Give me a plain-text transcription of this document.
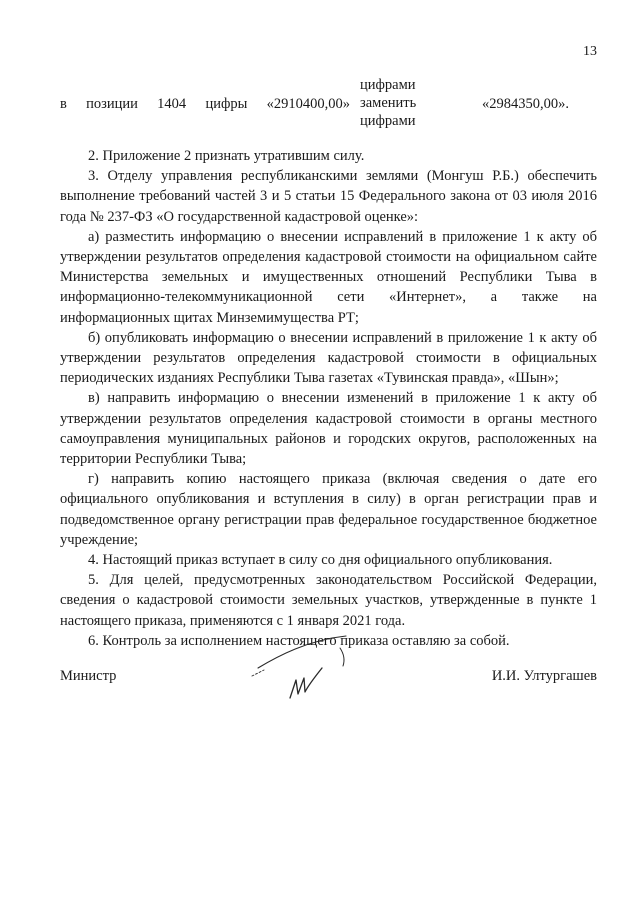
13
в позиции 1404 цифры «2910400,00»
цифрами
заменить
цифрами
«2984350,00».

2. Приложение 2 признать утратившим силу.

3. Отделу управления республиканскими землями (Монгуш Р.Б.) обеспечить выполнение требований частей 3 и 5 статьи 15 Федерального закона от 03 июля 2016 года № 237-ФЗ «О государственной кадастровой оценке»:

а) разместить информацию о внесении исправлений в приложение 1 к акту об утверждении результатов определения кадастровой стоимости на официальном сайте Министерства земельных и имущественных отношений Республики Тыва в информационно-телекоммуникационной сети «Интернет», а также на информационных щитах Минземимущества РТ;

б) опубликовать информацию о внесении исправлений в приложение 1 к акту об утверждении результатов определения кадастровой стоимости в официальных периодических изданиях Республики Тыва газетах «Тувинская правда», «Шын»;

в) направить информацию о внесении изменений в приложение 1 к акту об утверждении результатов определения кадастровой стоимости в органы местного самоуправления муниципальных районов и городских округов, расположенных на территории Республики Тыва;

г) направить копию настоящего приказа (включая сведения о дате его официального опубликования и вступления в силу) в орган регистрации прав и подведомственное органу регистрации прав федеральное государственное бюджетное учреждение;

4. Настоящий приказ вступает в силу со дня официального опубликования.

5. Для целей, предусмотренных законодательством Российской Федерации, сведения о кадастровой стоимости земельных участков, утвержденные в пункте 1 настоящего приказа, применяются с 1 января 2021 года.

6. Контроль за исполнением настоящего приказа оставляю за собой.

Министр	И.И. Ултургашев
